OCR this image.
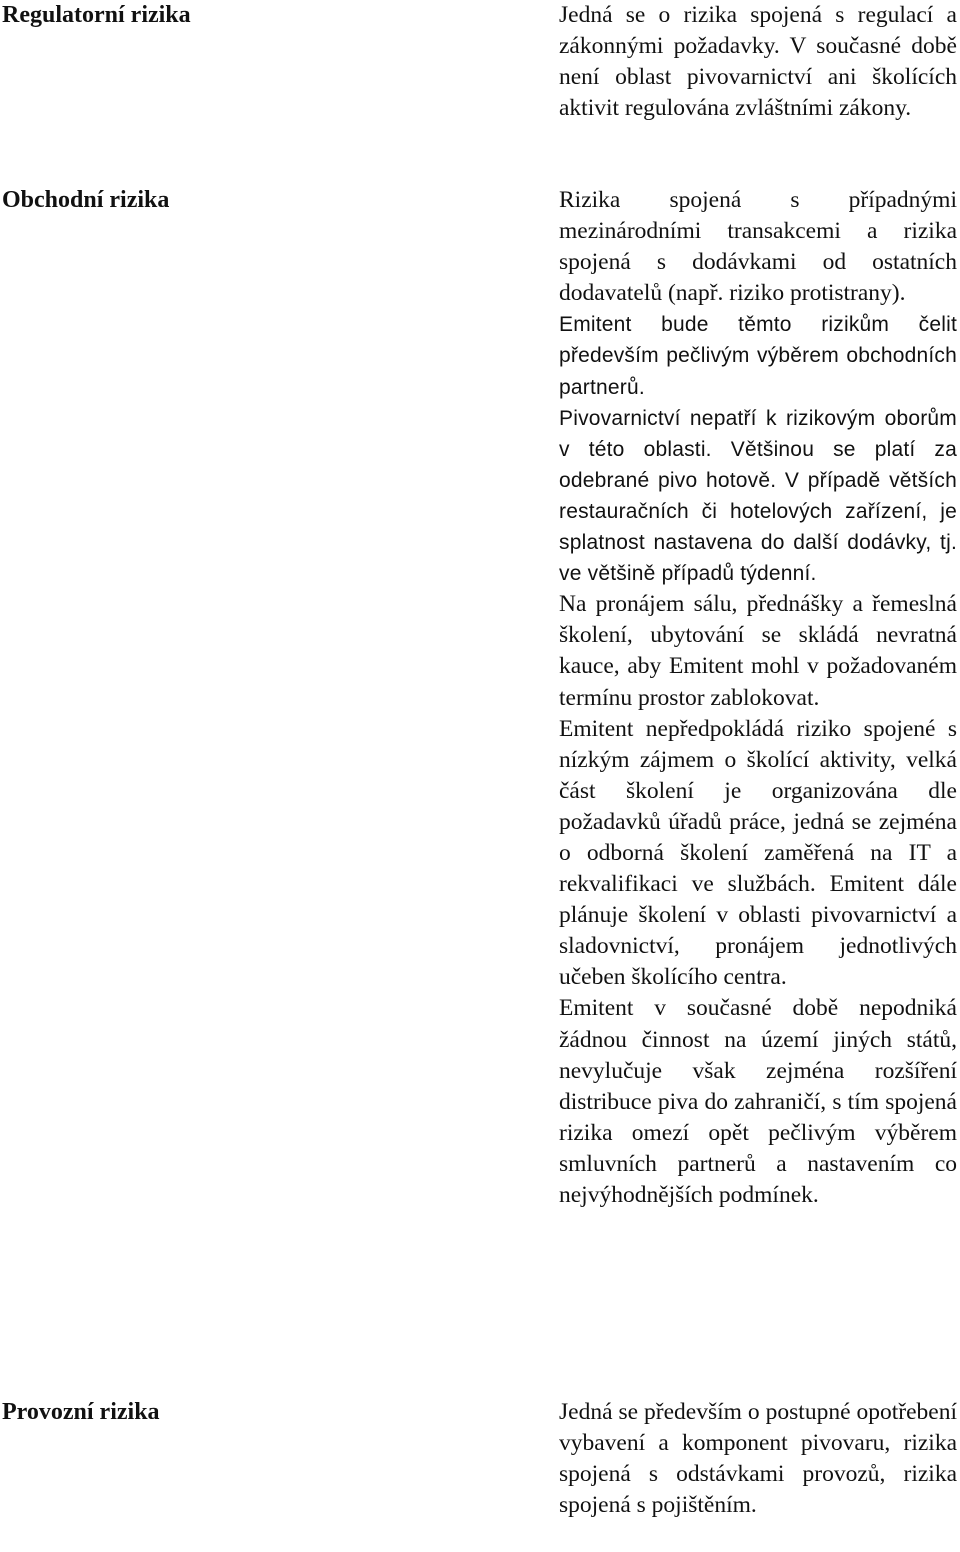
Regulatorní rizika	Jedná se o rizika spojená s regulací a zákonnými požadavky. V současné době není oblast pivovarnictví ani školících aktivit regulována zvláštními zákony.

Obchodní rizika	Rizika spojená s případnými mezinárodními transakcemi a rizika spojená s dodávkami od ostatních dodavatelů (např. riziko protistrany).

Emitent bude těmto rizikům čelit především pečlivým výběrem obchodních partnerů.

Pivovarnictví nepatří k rizikovým oborům v této oblasti. Většinou se platí za odebrané pivo hotově. V případě větších restauračních či hotelových zařízení, je splatnost nastavena do další dodávky, tj. ve většině případů týdenní.

Na pronájem sálu, přednášky a řemeslná školení, ubytování se skládá nevratná kauce, aby Emitent mohl v požadovaném termínu prostor zablokovat.

Emitent nepředpokládá riziko spojené s nízkým zájmem o školící aktivity, velká část školení je organizována dle požadavků úřadů práce, jedná se zejména o odborná školení zaměřená na IT a rekvalifikaci ve službách. Emitent dále plánuje školení v oblasti pivovarnictví a sladovnictví, pronájem jednotlivých učeben školícího centra.

Emitent v současné době nepodniká žádnou činnost na území jiných států, nevylučuje však zejména rozšíření distribuce piva do zahraničí, s tím spojená rizika omezí opět pečlivým výběrem smluvních partnerů a nastavením co nejvýhodnějších podmínek.

Provozní rizika	Jedná se především o postupné opotřebení vybavení a komponent pivovaru, rizika spojená s odstávkami provozů, rizika spojená s pojištěním.
